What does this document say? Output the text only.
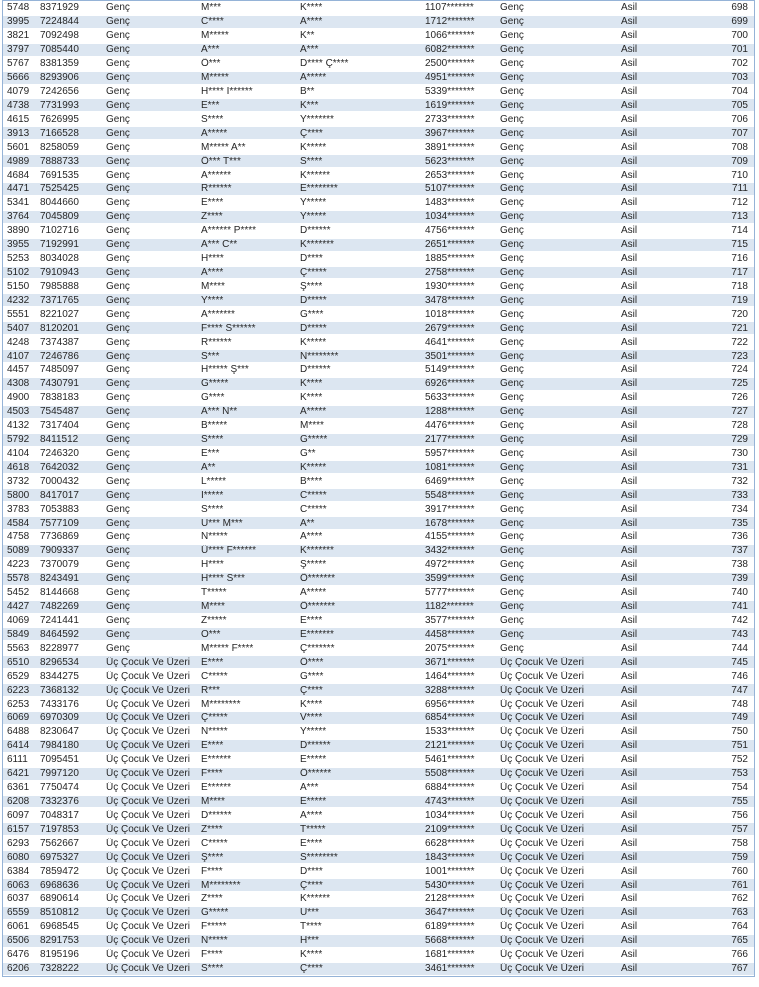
5748	8371929	Genç	M***	K****	1107*******	Genç	Asil	698
3995	7224844	Genç	C****	A****	1712*******	Genç	Asil	699
3821	7092498	Genç	M*****	K**	1066*******	Genç	Asil	700
3797	7085440	Genç	A***	A***	6082*******	Genç	Asil	701
5767	8381359	Genç	Ö***	D**** Ç****	2500*******	Genç	Asil	702
5666	8293906	Genç	M*****	A*****	4951*******	Genç	Asil	703
4079	7242656	Genç	H**** İ******	B**	5339*******	Genç	Asil	704
4738	7731993	Genç	E***	K***	1619*******	Genç	Asil	705
4615	7626995	Genç	S****	Y*******	2733*******	Genç	Asil	706
3913	7166528	Genç	A*****	Ç****	3967*******	Genç	Asil	707
5601	8258059	Genç	M***** A**	K*****	3891*******	Genç	Asil	708
4989	7888733	Genç	Ö*** T***	S****	5623*******	Genç	Asil	709
4684	7691535	Genç	A******	K******	2653*******	Genç	Asil	710
4471	7525425	Genç	R******	E********	5107*******	Genç	Asil	711
5341	8044660	Genç	E****	Y*****	1483*******	Genç	Asil	712
3764	7045809	Genç	Z****	Y*****	1034*******	Genç	Asil	713
3890	7102716	Genç	A****** P****	D******	4756*******	Genç	Asil	714
3955	7192991	Genç	A*** C**	K*******	2651*******	Genç	Asil	715
5253	8034028	Genç	H****	D****	1885*******	Genç	Asil	716
5102	7910943	Genç	A****	Ç*****	2758*******	Genç	Asil	717
5150	7985888	Genç	M****	Ş****	1930*******	Genç	Asil	718
4232	7371765	Genç	Y****	D*****	3478*******	Genç	Asil	719
5551	8221027	Genç	A*******	G****	1018*******	Genç	Asil	720
5407	8120201	Genç	F**** S******	D*****	2679*******	Genç	Asil	721
4248	7374387	Genç	R******	K*****	4641*******	Genç	Asil	722
4107	7246786	Genç	S***	N********	3501*******	Genç	Asil	723
4457	7485097	Genç	H***** Ş***	D******	5149*******	Genç	Asil	724
4308	7430791	Genç	G*****	K****	6926*******	Genç	Asil	725
4900	7838183	Genç	G****	K****	5633*******	Genç	Asil	726
4503	7545487	Genç	A*** N**	A*****	1288*******	Genç	Asil	727
4132	7317404	Genç	B*****	M****	4476*******	Genç	Asil	728
5792	8411512	Genç	S****	G*****	2177*******	Genç	Asil	729
4104	7246320	Genç	E***	G**	5957*******	Genç	Asil	730
4618	7642032	Genç	A**	K*****	1081*******	Genç	Asil	731
3732	7000432	Genç	L*****	B****	6469*******	Genç	Asil	732
5800	8417017	Genç	İ*****	C*****	5548*******	Genç	Asil	733
3783	7053883	Genç	S****	C*****	3917*******	Genç	Asil	734
4584	7577109	Genç	U*** M***	A**	1678*******	Genç	Asil	735
4758	7736869	Genç	N*****	A****	4155*******	Genç	Asil	736
5089	7909337	Genç	Ü**** F******	K*******	3432*******	Genç	Asil	737
4223	7370079	Genç	H****	Ş*****	4972*******	Genç	Asil	738
5578	8243491	Genç	H**** S***	Ö*******	3599*******	Genç	Asil	739
5452	8144668	Genç	T*****	A*****	5777*******	Genç	Asil	740
4427	7482269	Genç	M****	Ö*******	1182*******	Genç	Asil	741
4069	7241441	Genç	Z*****	E****	3577*******	Genç	Asil	742
5849	8464592	Genç	O***	E*******	4458*******	Genç	Asil	743
5563	8228977	Genç	M***** F****	Ç*******	2075*******	Genç	Asil	744
6510	8296534	Üç Çocuk Ve Üzeri	E****	Ö****	3671*******	Üç Çocuk Ve Üzeri	Asil	745
6529	8344275	Üç Çocuk Ve Üzeri	C*****	G****	1464*******	Üç Çocuk Ve Üzeri	Asil	746
6223	7368132	Üç Çocuk Ve Üzeri	R***	Ç****	3288*******	Üç Çocuk Ve Üzeri	Asil	747
6253	7433176	Üç Çocuk Ve Üzeri	M********	K****	6956*******	Üç Çocuk Ve Üzeri	Asil	748
6069	6970309	Üç Çocuk Ve Üzeri	Ç*****	V****	6854*******	Üç Çocuk Ve Üzeri	Asil	749
6488	8230647	Üç Çocuk Ve Üzeri	N*****	Y*****	1533*******	Üç Çocuk Ve Üzeri	Asil	750
6414	7984180	Üç Çocuk Ve Üzeri	E****	D******	2121*******	Üç Çocuk Ve Üzeri	Asil	751
6111	7095451	Üç Çocuk Ve Üzeri	E******	E*****	5461*******	Üç Çocuk Ve Üzeri	Asil	752
6421	7997120	Üç Çocuk Ve Üzeri	F****	Ö******	5508*******	Üç Çocuk Ve Üzeri	Asil	753
6361	7750474	Üç Çocuk Ve Üzeri	E******	A***	6884*******	Üç Çocuk Ve Üzeri	Asil	754
6208	7332376	Üç Çocuk Ve Üzeri	M****	E*****	4743*******	Üç Çocuk Ve Üzeri	Asil	755
6097	7048317	Üç Çocuk Ve Üzeri	D******	A****	1034*******	Üç Çocuk Ve Üzeri	Asil	756
6157	7197853	Üç Çocuk Ve Üzeri	Z****	T*****	2109*******	Üç Çocuk Ve Üzeri	Asil	757
6293	7562667	Üç Çocuk Ve Üzeri	C*****	E****	6628*******	Üç Çocuk Ve Üzeri	Asil	758
6080	6975327	Üç Çocuk Ve Üzeri	Ş****	S********	1843*******	Üç Çocuk Ve Üzeri	Asil	759
6384	7859472	Üç Çocuk Ve Üzeri	F****	D****	1001*******	Üç Çocuk Ve Üzeri	Asil	760
6063	6968636	Üç Çocuk Ve Üzeri	M********	Ç****	5430*******	Üç Çocuk Ve Üzeri	Asil	761
6037	6890614	Üç Çocuk Ve Üzeri	Z****	K******	2128*******	Üç Çocuk Ve Üzeri	Asil	762
6559	8510812	Üç Çocuk Ve Üzeri	G*****	U***	3647*******	Üç Çocuk Ve Üzeri	Asil	763
6061	6968545	Üç Çocuk Ve Üzeri	F*****	T****	6189*******	Üç Çocuk Ve Üzeri	Asil	764
6506	8291753	Üç Çocuk Ve Üzeri	N*****	H***	5668*******	Üç Çocuk Ve Üzeri	Asil	765
6476	8195196	Üç Çocuk Ve Üzeri	F****	K****	1681*******	Üç Çocuk Ve Üzeri	Asil	766
6206	7328222	Üç Çocuk Ve Üzeri	S****	Ç****	3461*******	Üç Çocuk Ve Üzeri	Asil	767
